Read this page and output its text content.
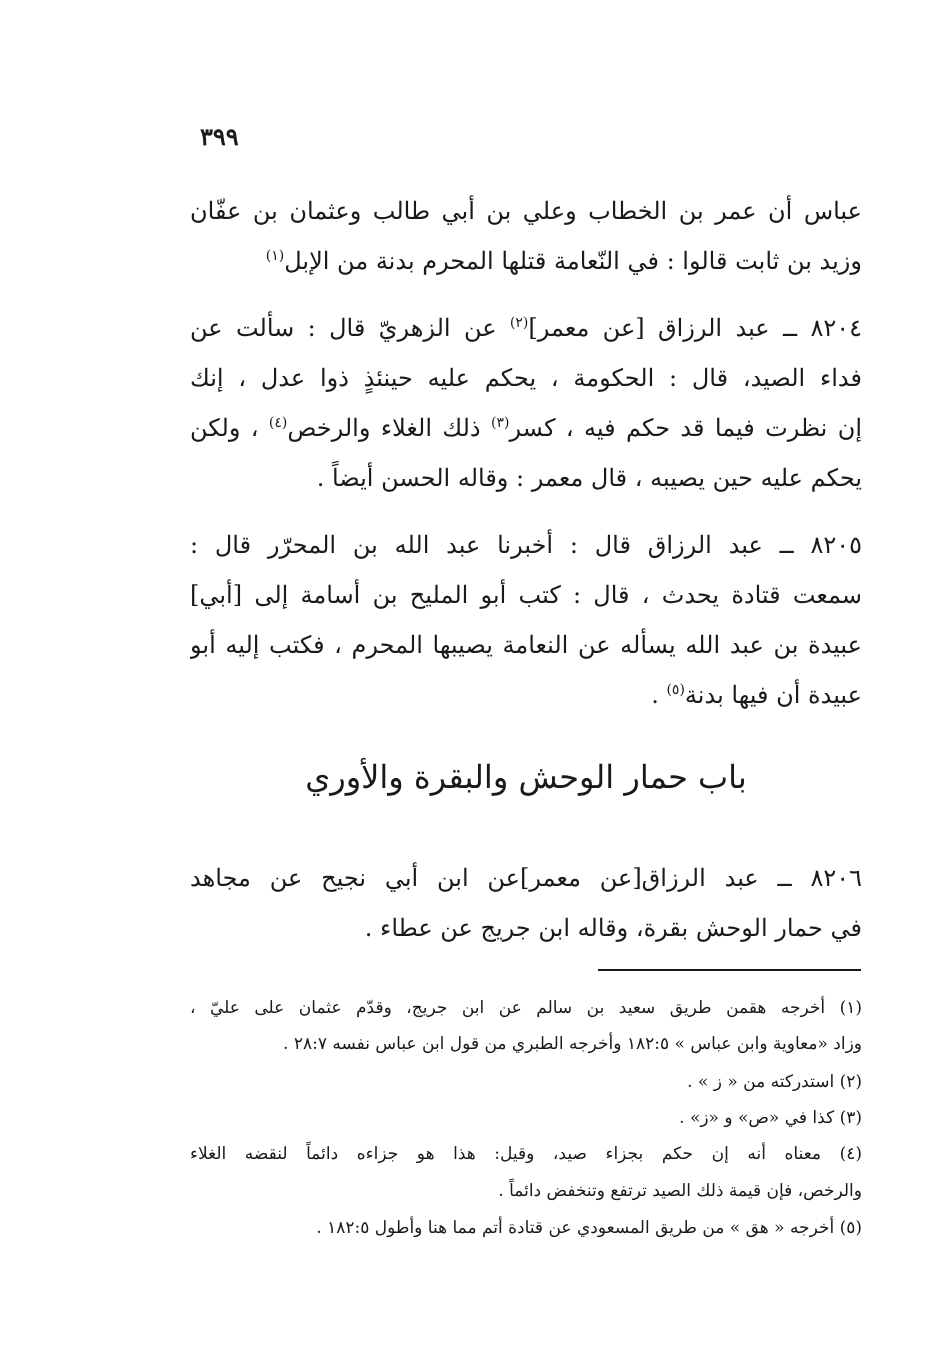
٣٩٩
عباس أن عمر بن الخطاب وعلي بن أبي طالب وعثمان بن عفّان
وزيد بن ثابت قالوا : في النّعامة قتلها المحرم بدنة من الإبل$^{(١)}$
٨٢٠٤ ــ عبد الرزاق [عن معمر]$^{(٢)}$ عن الزهريّ قال : سألت عن
فداء الصيد، قال : الحكومة ، يحكم عليه حينئذٍ ذوا عدل ، إنك
إن نظرت فيما قد حكم فيه ، كسر$^{(٣)}$ ذلك الغلاء والرخص$^{(٤)}$ ، ولكن
يحكم عليه حين يصيبه ، قال معمر : وقاله الحسن أيضاً .
٨٢٠٥ ــ عبد الرزاق قال : أخبرنا عبد الله بن المحرّر قال :
سمعت قتادة يحدث ، قال : كتب أبو المليح بن أسامة إلى [أبي]
عبيدة بن عبد الله يسأله عن النعامة يصيبها المحرم ، فكتب إليه أبو
عبيدة أن فيها بدنة$^{(٥)}$ .
باب حمار الوحش والبقرة والأوري
٨٢٠٦ ــ عبد الرزاق[عن معمر]عن ابن أبي نجيح عن مجاهد
في حمار الوحش بقرة، وقاله ابن جريج عن عطاء .
(١) أخرجه هقمن طريق سعيد بن سالم عن ابن جريج، وقدّم عثمان على عليّ ،
وزاد «معاوية وابن عباس » ١٨٢:٥ وأخرجه الطبري من قول ابن عباس نفسه ٢٨:٧ .
(٢) استدركته من « ز » .
(٣) كذا في «ص» و «ز» .
(٤) معناه أنه إن حكم بجزاء صيد، وقيل: هذا هو جزاءه دائماً لنقضه الغلاء
والرخص، فإن قيمة ذلك الصيد ترتفع وتنخفض دائماً .
(٥) أخرجه « هق » من طريق المسعودي عن قتادة أتم مما هنا وأطول ١٨٢:٥ .
